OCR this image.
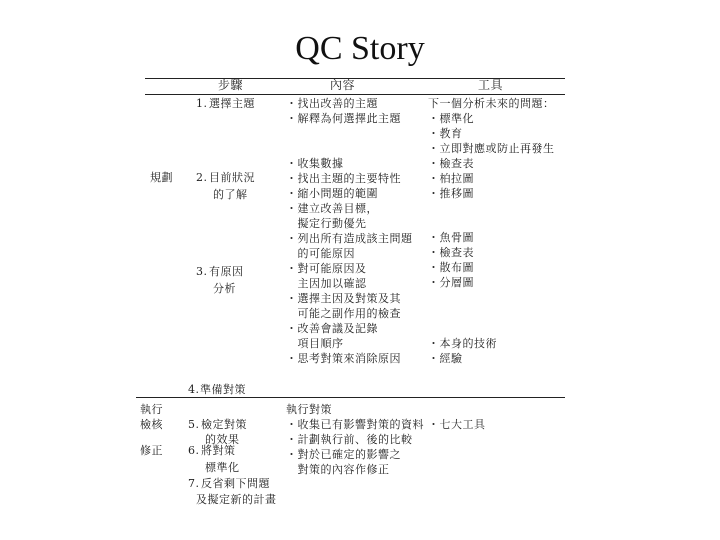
QC Story
步驟	內容	工具
規劃
執行
檢核
修正
1. 選擇主題
2. 目前狀況
的了解
3. 有原因
分析
4. 準備對策
5. 檢定對策
的效果
6. 將對策
標準化
7. 反省剩下問題
及擬定新的計畫
・找出改善的主題
・解釋為何選擇此主題

・收集數據
・找出主題的主要特性
・縮小問題的範圍
・建立改善目標，
　擬定行動優先
・列出所有造成該主問題
　的可能原因
・對可能原因及
　主因加以確認
・選擇主因及對策及其
　可能之副作用的檢查
・改善會議及記錄
　項目順序
・思考對策來消除原因
執行對策
・收集已有影響對策的資料
・計劃執行前、後的比較
・對於已確定的影響之
　對策的內容作修正
下一個分析未來的問題：
・標準化
・教育
・立即對應或防止再發生
・檢查表
・柏拉圖
・推移圖
・魚骨圖
・檢查表
・散布圖
・分層圖
・本身的技術
・經驗
・七大工具
